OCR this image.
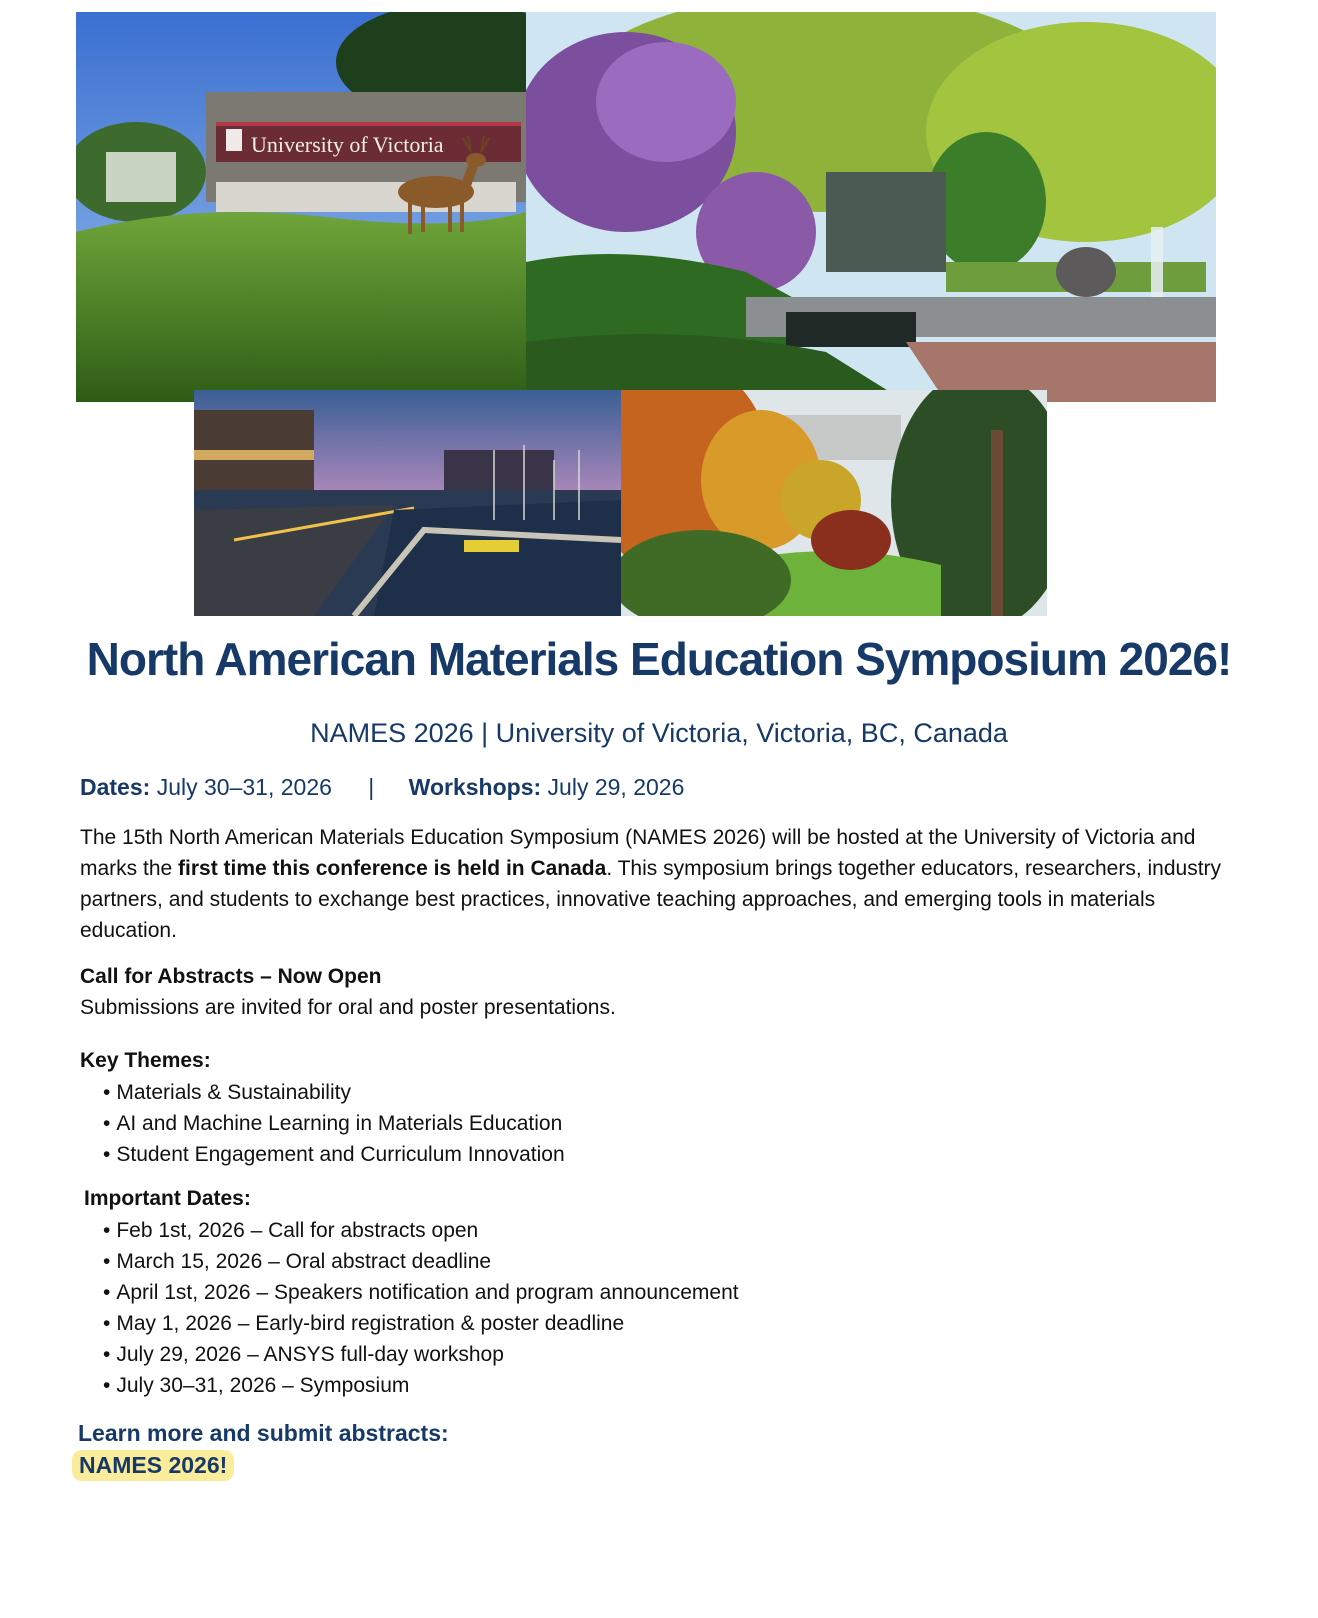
University of Victoria
North American Materials Education Symposium 2026!

NAMES 2026 | University of Victoria, Victoria, BC, Canada

Dates: July 30–31, 2026 | Workshops: July 29, 2026

The 15th North American Materials Education Symposium (NAMES 2026) will be hosted at the University of Victoria and marks the first time this conference is held in Canada. This symposium brings together educators, researchers, industry partners, and students to exchange best practices, innovative teaching approaches, and emerging tools in materials education.

Call for Abstracts – Now Open

Submissions are invited for oral and poster presentations.

Key Themes:

• Materials & Sustainability
• AI and Machine Learning in Materials Education
• Student Engagement and Curriculum Innovation

Important Dates:

• Feb 1st, 2026 – Call for abstracts open
• March 15, 2026 – Oral abstract deadline
• April 1st, 2026 – Speakers notification and program announcement
• May 1, 2026 – Early-bird registration & poster deadline
• July 29, 2026 – ANSYS full-day workshop
• July 30–31, 2026 – Symposium

Learn more and submit abstracts:

NAMES 2026!
